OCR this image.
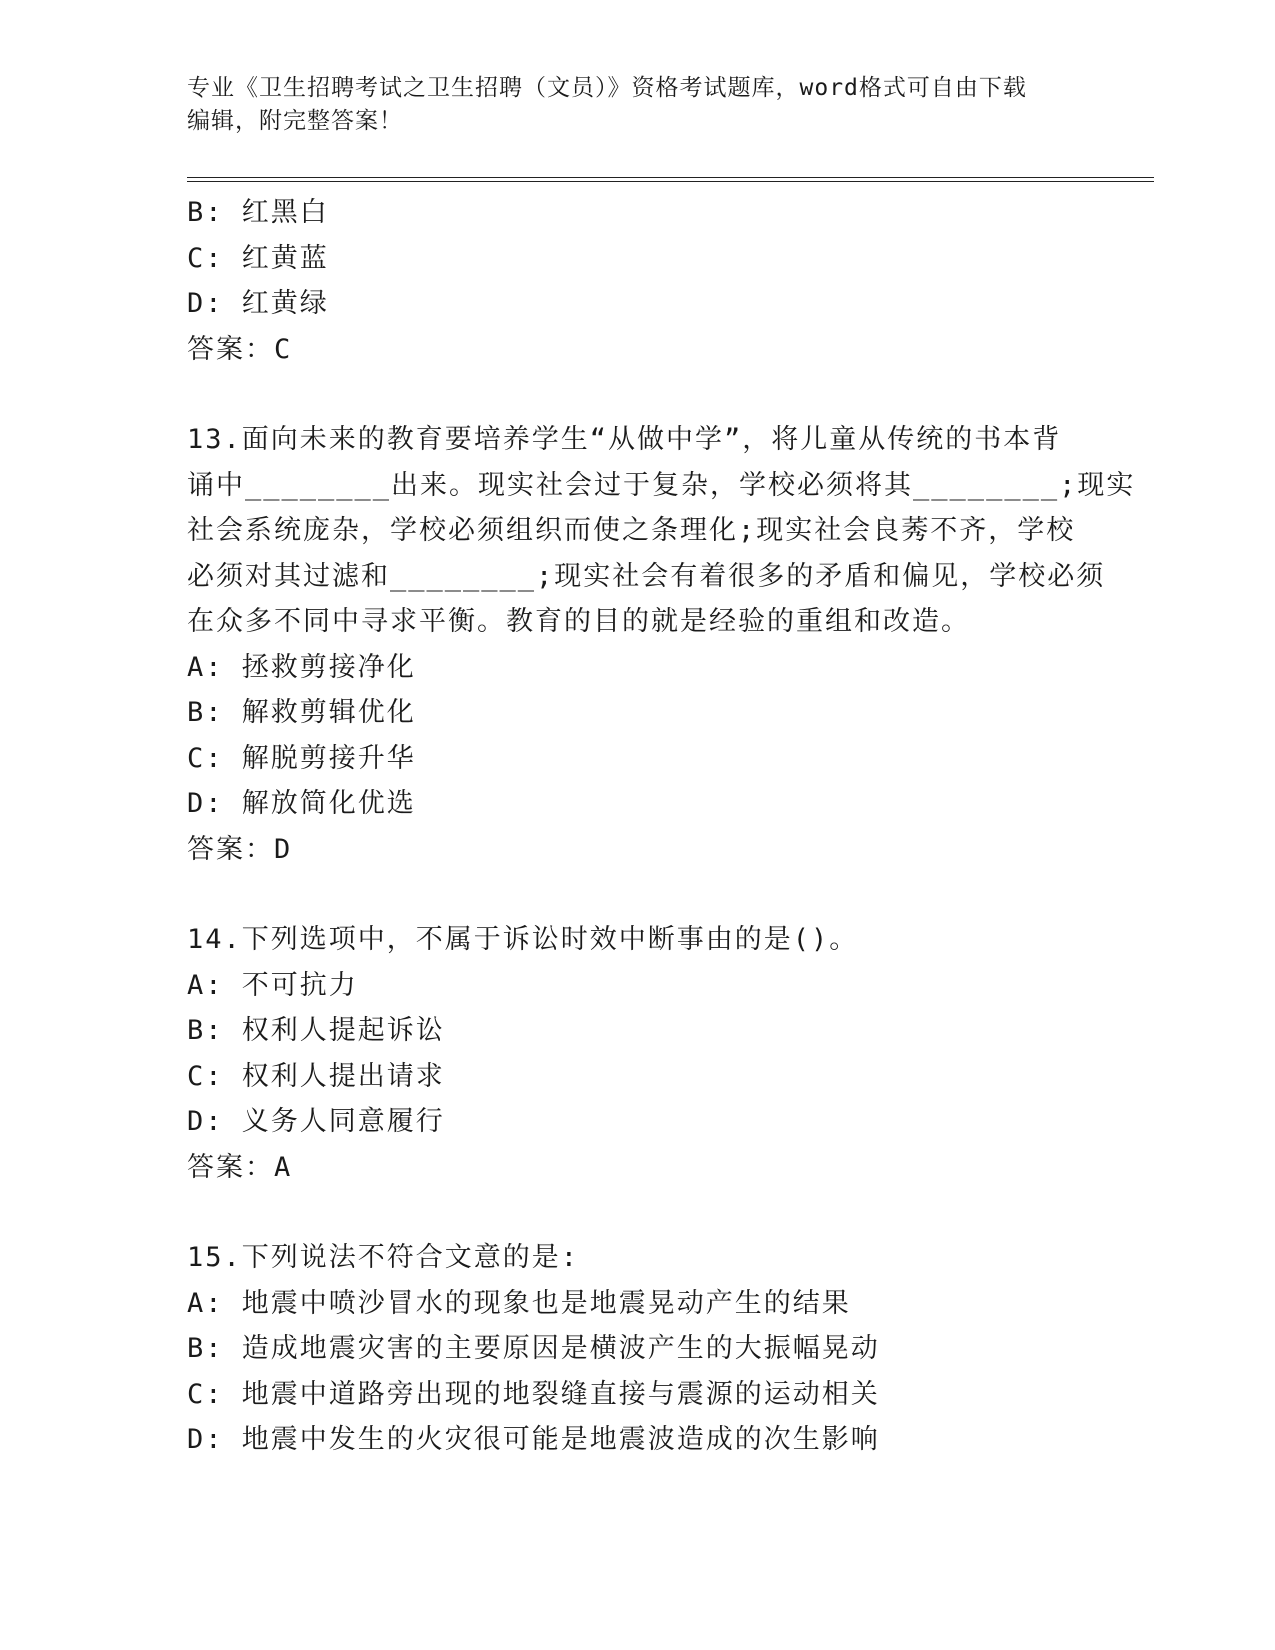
专业《卫生招聘考试之卫生招聘（文员）》资格考试题库，word格式可自由下载
编辑，附完整答案！
B: 红黑白
C: 红黄蓝
D: 红黄绿
答案：C
13.面向未来的教育要培养学生“从做中学”，将儿童从传统的书本背
诵中________出来。现实社会过于复杂，学校必须将其________;现实
社会系统庞杂，学校必须组织而使之条理化;现实社会良莠不齐，学校
必须对其过滤和________;现实社会有着很多的矛盾和偏见，学校必须
在众多不同中寻求平衡。教育的目的就是经验的重组和改造。
A: 拯救剪接净化
B: 解救剪辑优化
C: 解脱剪接升华
D: 解放简化优选
答案：D
14.下列选项中，不属于诉讼时效中断事由的是()。
A: 不可抗力
B: 权利人提起诉讼
C: 权利人提出请求
D: 义务人同意履行
答案：A
15.下列说法不符合文意的是:
A: 地震中喷沙冒水的现象也是地震晃动产生的结果
B: 造成地震灾害的主要原因是横波产生的大振幅晃动
C: 地震中道路旁出现的地裂缝直接与震源的运动相关
D: 地震中发生的火灾很可能是地震波造成的次生影响
